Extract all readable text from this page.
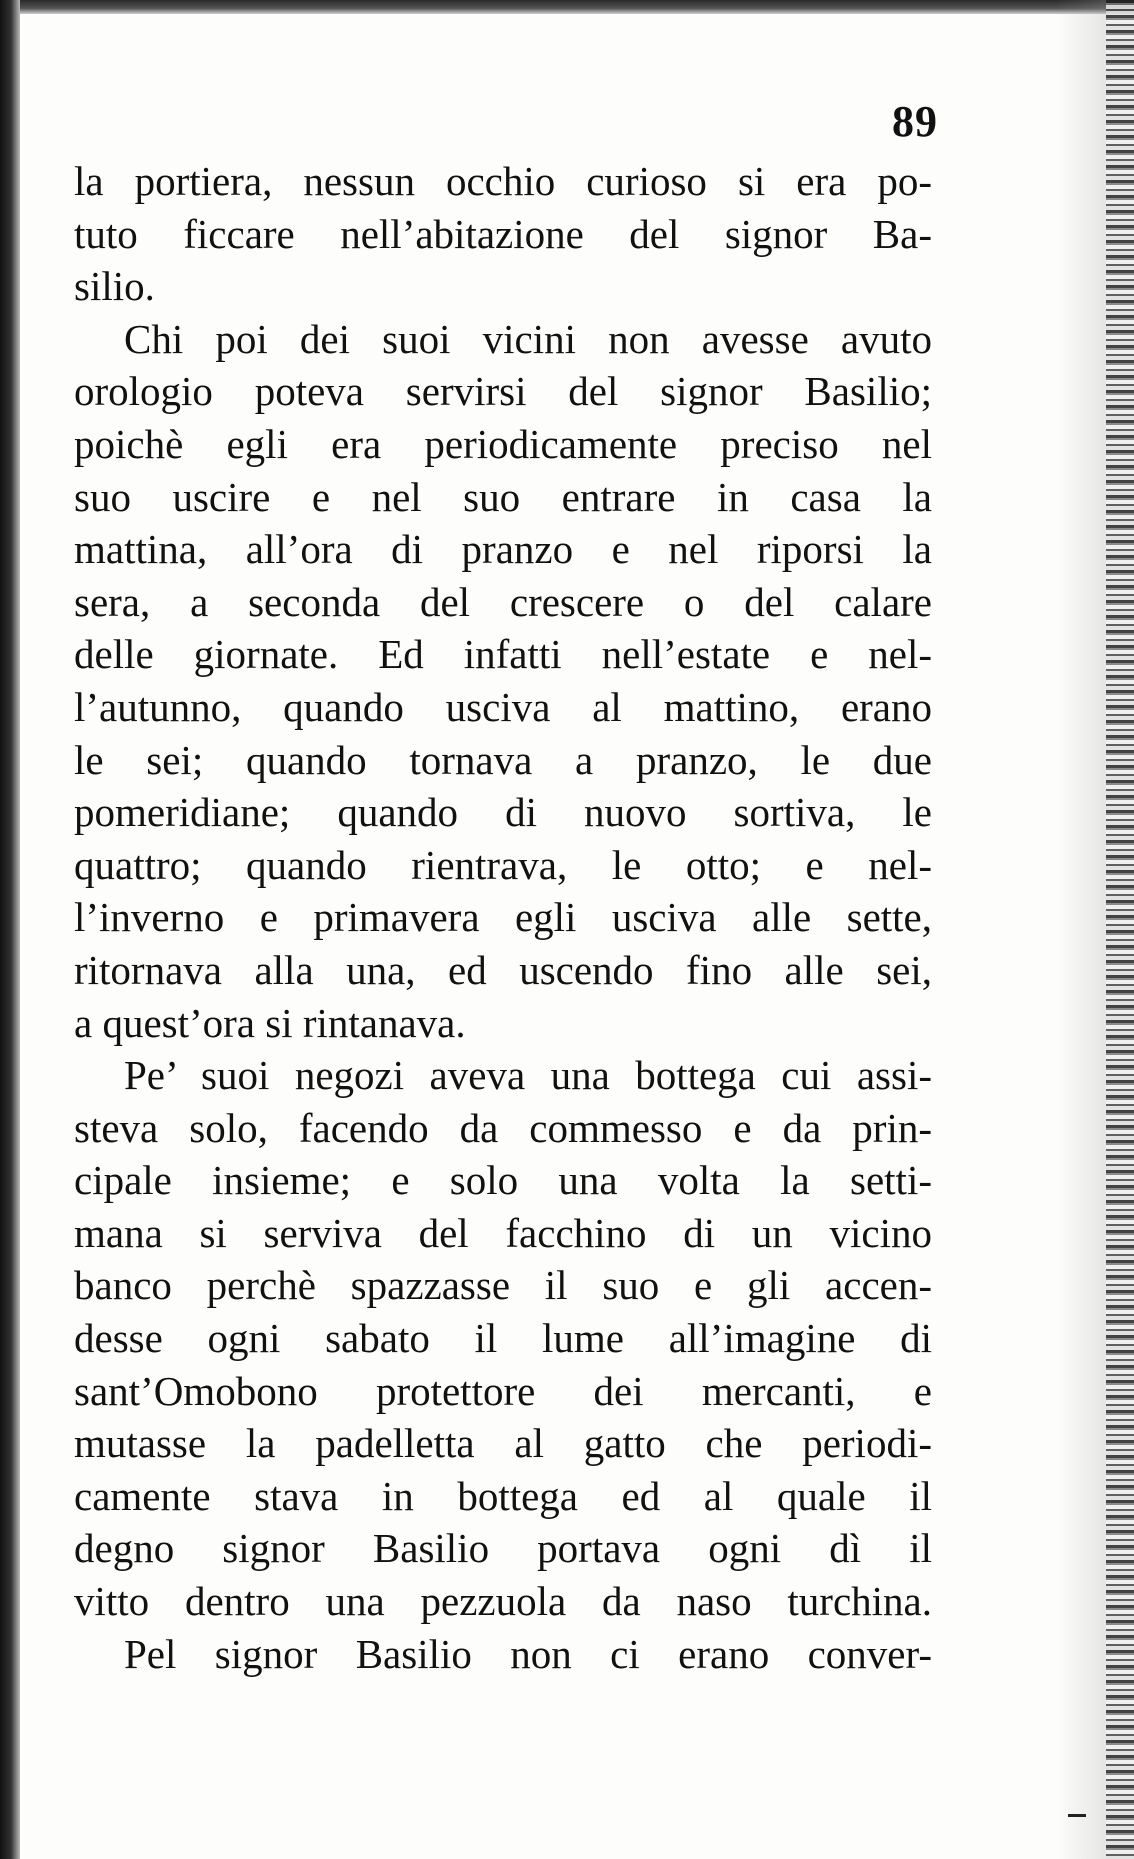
89
la portiera, nessun occhio curioso si era po-
tuto ficcare nell’abitazione del signor Ba-
silio.
Chi poi dei suoi vicini non avesse avuto
orologio poteva servirsi del signor Basilio;
poichè egli era periodicamente preciso nel
suo uscire e nel suo entrare in casa la
mattina, all’ora di pranzo e nel riporsi la
sera, a seconda del crescere o del calare
delle giornate. Ed infatti nell’estate e nel-
l’autunno, quando usciva al mattino, erano
le sei; quando tornava a pranzo, le due
pomeridiane; quando di nuovo sortiva, le
quattro; quando rientrava, le otto; e nel-
l’inverno e primavera egli usciva alle sette,
ritornava alla una, ed uscendo fino alle sei,
a quest’ora si rintanava.
Pe’ suoi negozi aveva una bottega cui assi-
steva solo, facendo da commesso e da prin-
cipale insieme; e solo una volta la setti-
mana si serviva del facchino di un vicino
banco perchè spazzasse il suo e gli accen-
desse ogni sabato il lume all’imagine di
sant’Omobono protettore dei mercanti, e
mutasse la padelletta al gatto che periodi-
camente stava in bottega ed al quale il
degno signor Basilio portava ogni dì il
vitto dentro una pezzuola da naso turchina.
Pel signor Basilio non ci erano conver-
